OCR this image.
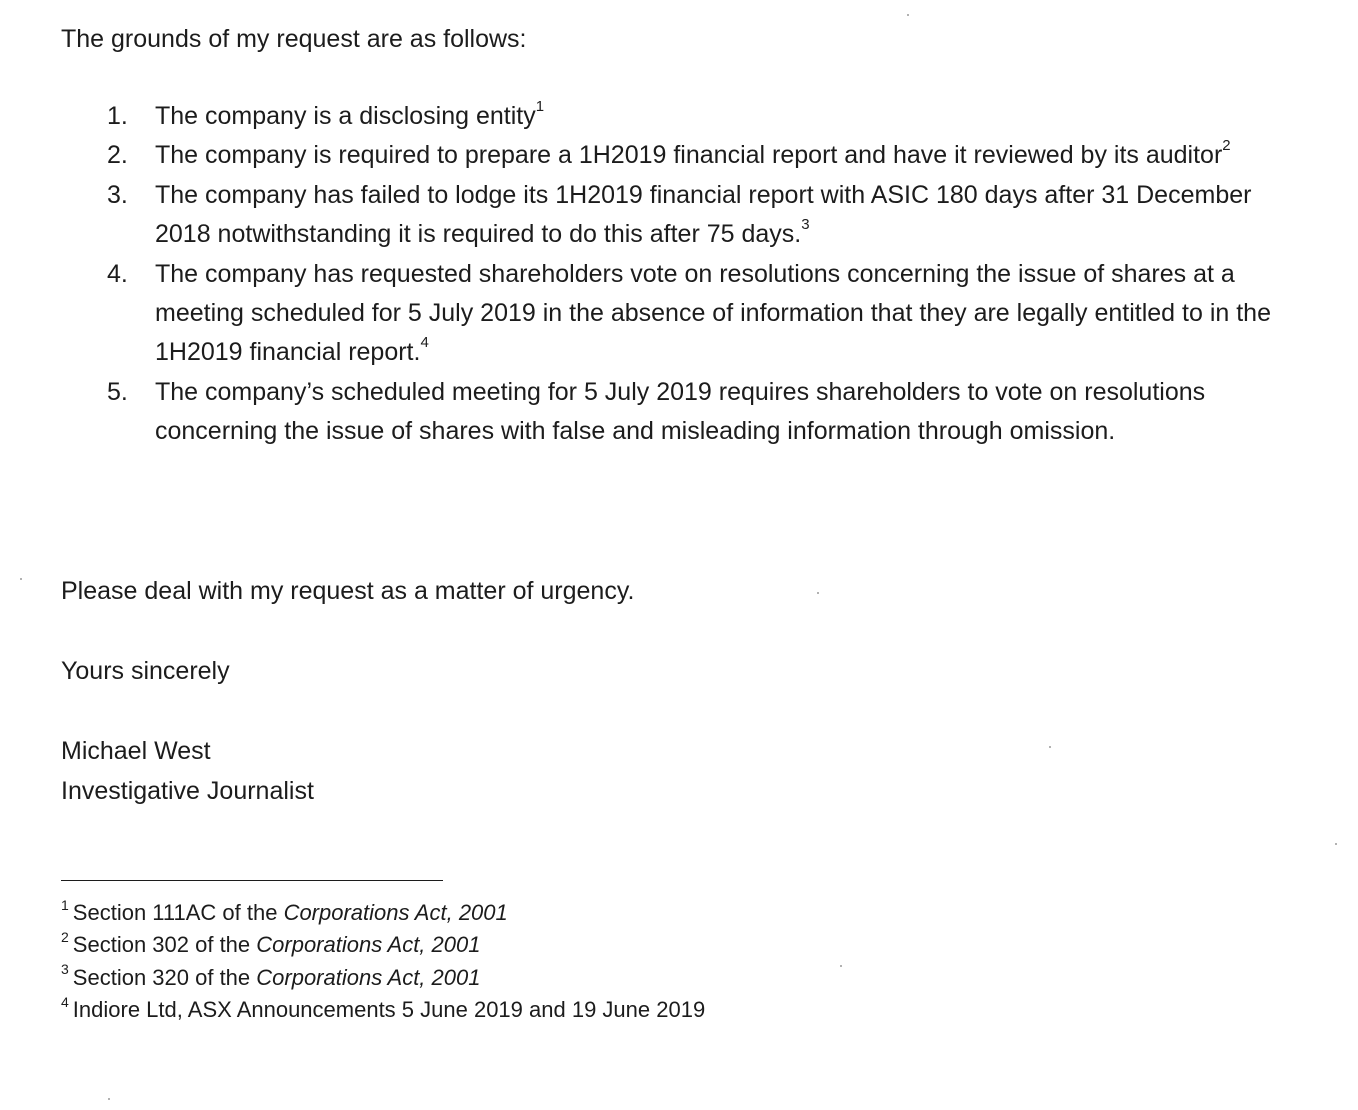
The grounds of my request are as follows:

1. The company is a disclosing entity$^1$
2. The company is required to prepare a 1H2019 financial report and have it reviewed by its auditor$^2$
3. The company has failed to lodge its 1H2019 financial report with ASIC 180 days after 31 December 2018 notwithstanding it is required to do this after 75 days.$^3$
4. The company has requested shareholders vote on resolutions concerning the issue of shares at a meeting scheduled for 5 July 2019 in the absence of information that they are legally entitled to in the 1H2019 financial report.$^4$
5. The company’s scheduled meeting for 5 July 2019 requires shareholders to vote on resolutions concerning the issue of shares with false and misleading information through omission.

Please deal with my request as a matter of urgency.

Yours sincerely

Michael West

Investigative Journalist

$^1$ Section 111AC of the Corporations Act, 2001
$^2$ Section 302 of the Corporations Act, 2001
$^3$ Section 320 of the Corporations Act, 2001
$^4$ Indiore Ltd, ASX Announcements 5 June 2019 and 19 June 2019
